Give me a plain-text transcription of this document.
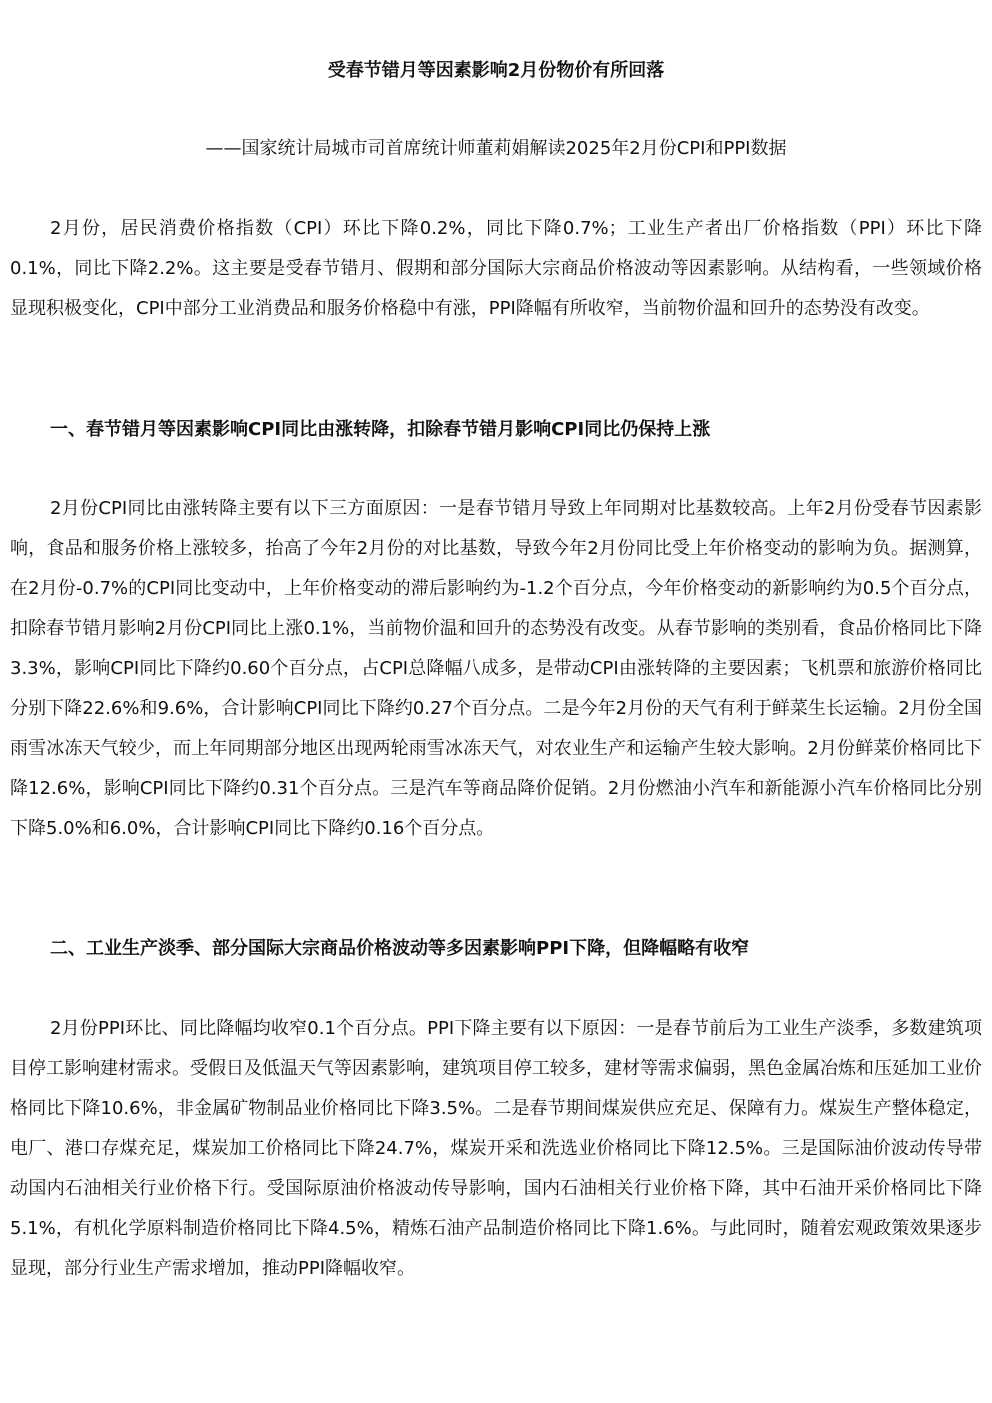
受春节错月等因素影响2月份物价有所回落

——国家统计局城市司首席统计师董莉娟解读2025年2月份CPI和PPI数据

2月份，居民消费价格指数（CPI）环比下降0.2%，同比下降0.7%；工业生产者出厂价格指数（PPI）环比下降0.1%，同比下降2.2%。这主要是受春节错月、假期和部分国际大宗商品价格波动等因素影响。从结构看，一些领域价格显现积极变化，CPI中部分工业消费品和服务价格稳中有涨，PPI降幅有所收窄，当前物价温和回升的态势没有改变。

一、春节错月等因素影响CPI同比由涨转降，扣除春节错月影响CPI同比仍保持上涨

2月份CPI同比由涨转降主要有以下三方面原因：一是春节错月导致上年同期对比基数较高。上年2月份受春节因素影响，食品和服务价格上涨较多，抬高了今年2月份的对比基数，导致今年2月份同比受上年价格变动的影响为负。据测算，在2月份-0.7%的CPI同比变动中，上年价格变动的滞后影响约为-1.2个百分点，今年价格变动的新影响约为0.5个百分点，扣除春节错月影响2月份CPI同比上涨0.1%，当前物价温和回升的态势没有改变。从春节影响的类别看，食品价格同比下降3.3%，影响CPI同比下降约0.60个百分点，占CPI总降幅八成多，是带动CPI由涨转降的主要因素；飞机票和旅游价格同比分别下降22.6%和9.6%，合计影响CPI同比下降约0.27个百分点。二是今年2月份的天气有利于鲜菜生长运输。2月份全国雨雪冰冻天气较少，而上年同期部分地区出现两轮雨雪冰冻天气，对农业生产和运输产生较大影响。2月份鲜菜价格同比下降12.6%，影响CPI同比下降约0.31个百分点。三是汽车等商品降价促销。2月份燃油小汽车和新能源小汽车价格同比分别下降5.0%和6.0%，合计影响CPI同比下降约0.16个百分点。

二、工业生产淡季、部分国际大宗商品价格波动等多因素影响PPI下降，但降幅略有收窄

2月份PPI环比、同比降幅均收窄0.1个百分点。PPI下降主要有以下原因：一是春节前后为工业生产淡季，多数建筑项目停工影响建材需求。受假日及低温天气等因素影响，建筑项目停工较多，建材等需求偏弱，黑色金属冶炼和压延加工业价格同比下降10.6%，非金属矿物制品业价格同比下降3.5%。二是春节期间煤炭供应充足、保障有力。煤炭生产整体稳定，电厂、港口存煤充足，煤炭加工价格同比下降24.7%，煤炭开采和洗选业价格同比下降12.5%。三是国际油价波动传导带动国内石油相关行业价格下行。受国际原油价格波动传导影响，国内石油相关行业价格下降，其中石油开采价格同比下降5.1%，有机化学原料制造价格同比下降4.5%，精炼石油产品制造价格同比下降1.6%。与此同时，随着宏观政策效果逐步显现，部分行业生产需求增加，推动PPI降幅收窄。
